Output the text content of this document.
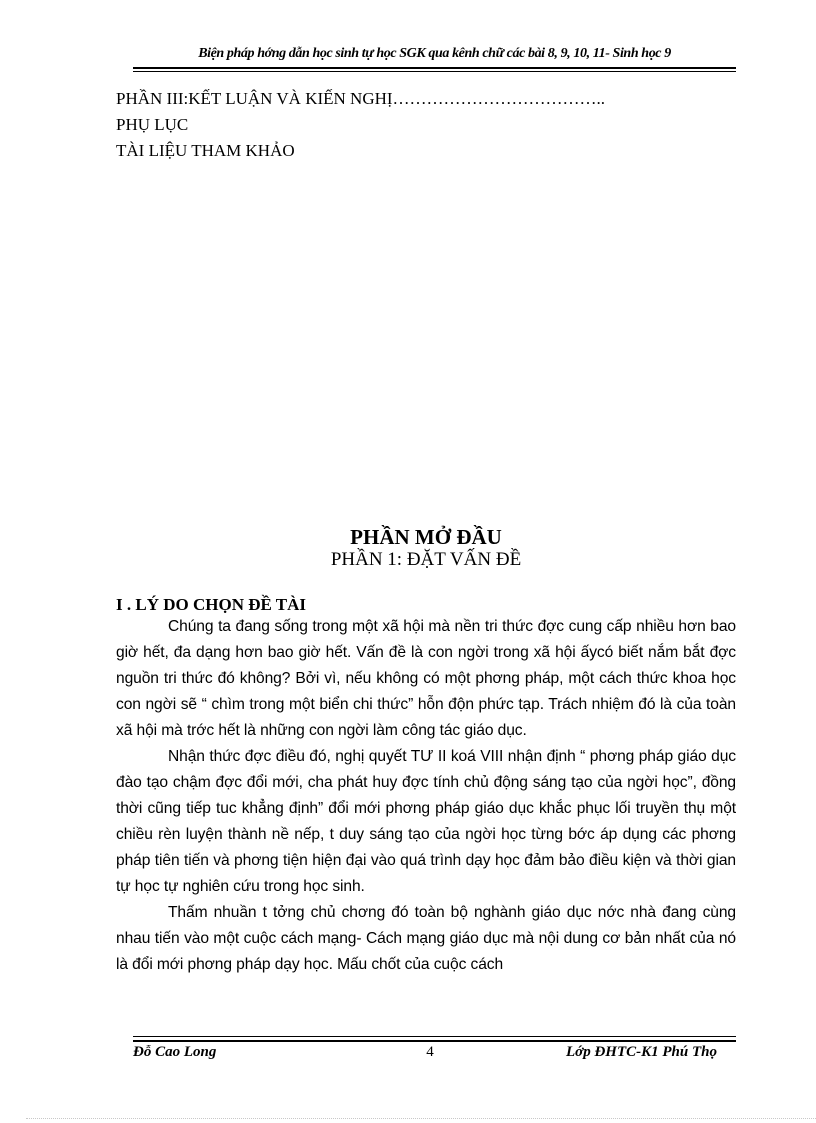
Biện pháp hớng dẫn học sinh tự học SGK qua kênh chữ các bài 8, 9, 10, 11- Sinh học 9
PHẦN III:KẾT LUẬN VÀ KIẾN NGHỊ………………………………..
PHỤ LỤC
TÀI LIỆU THAM KHẢO
PHẦN MỞ ĐẦU
PHẦN 1: ĐẶT VẤN ĐỀ
I . LÝ DO CHỌN ĐỀ TÀI

Chúng ta đang sống trong một xã hội mà nền tri thức đợc cung cấp nhiều hơn bao giờ hết, đa dạng hơn bao giờ hết. Vấn đề là con ngời trong xã hội ấycó biết nắm bắt đợc nguồn tri thức đó không? Bởi vì, nếu không có một phơng pháp, một cách thức khoa học con ngời sẽ “ chìm trong một biển chi thức” hỗn độn phức tạp. Trách nhiệm đó là của toàn xã hội mà trớc hết là những con ngời làm công tác giáo dục.

Nhận thức đợc điều đó, nghị quyết TƯ II koá VIII nhận định “ phơng pháp giáo dục đào tạo chậm đợc đổi mới, cha phát huy đợc tính chủ động sáng tạo của ngời học”, đồng thời cũng tiếp tuc khẳng định” đổi mới phơng pháp giáo dục khắc phục lối truyền thụ một chiều rèn luyện thành nề nếp, t duy sáng tạo của ngời học từng bớc áp dụng các phơng pháp tiên tiến và phơng tiện hiện đại vào quá trình dạy học đảm bảo điều kiện và thời gian tự học tự nghiên cứu trong học sinh.

Thấm nhuần t tởng chủ chơng đó toàn bộ nghành giáo dục nớc nhà đang cùng nhau tiến vào một cuộc cách mạng- Cách mạng giáo dục mà nội dung cơ bản nhất của nó là đổi mới phơng pháp dạy học. Mấu chốt của cuộc cách

Đỗ Cao Long	4	Lớp ĐHTC-K1 Phú Thọ
